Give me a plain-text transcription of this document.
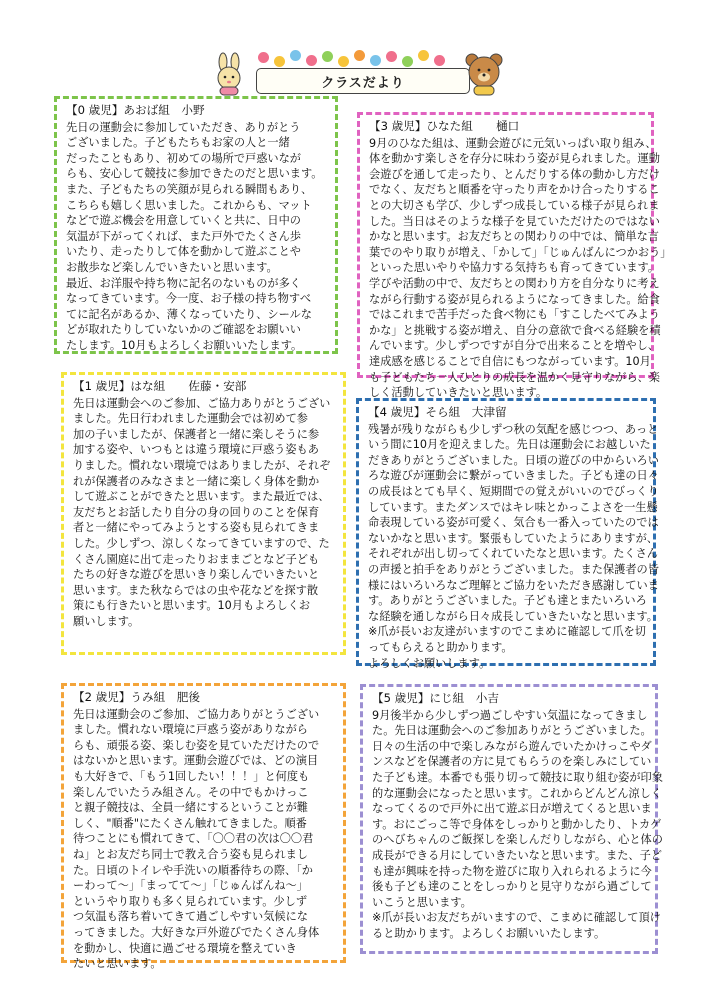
クラスだより
【0 歳児】あおば組　小野
先日の運動会に参加していただき、ありがとう
ございました。子どもたちもお家の人と一緒
だったこともあり、初めての場所で戸惑いなが
らも、安心して競技に参加できたのだと思います。
また、子どもたちの笑顔が見られる瞬間もあり、
こちらも嬉しく思いました。これからも、マット
などで遊ぶ機会を用意していくと共に、日中の
気温が下がってくれば、また戸外でたくさん歩
いたり、走ったりして体を動かして遊ぶことや
お散歩など楽しんでいきたいと思います。
最近、お洋服や持ち物に記名のないものが多く
なってきています。今一度、お子様の持ち物すべ
てに記名があるか、薄くなっていたり、シールな
どが取れたりしていないかのご確認をお願いい
たします。10月もよろしくお願いいたします。
【3 歳児】ひなた組　　樋口
9月のひなた組は、運動会遊びに元気いっぱい取り組み、
体を動かす楽しさを存分に味わう姿が見られました。運動
会遊びを通して走ったり、とんだりする体の動かし方だけ
でなく、友だちと順番を守ったり声をかけ合ったりするこ
との大切さも学び、少しずつ成長している様子が見られま
した。当日はそのような様子を見ていただけたのではない
かなと思います。お友だちとの関わりの中では、簡単な言
葉でのやり取りが増え、「かして」「じゅんばんにつかおう」
といった思いやりや協力する気持ちも育ってきています。
学びや活動の中で、友だちとの関わり方を自分なりに考え
ながら行動する姿が見られるようになってきました。給食
ではこれまで苦手だった食べ物にも「すこしたべてみよう
かな」と挑戦する姿が増え、自分の意欲で食べる経験を積
んでいます。少しずつですが自分で出来ることを増やし、
達成感を感じることで自信にもつながっています。10月
も子どもたち一人ひとりの成長を温かく見守りながら、楽
しく活動していきたいと思います。
【1 歳児】はな組　　佐藤・安部
先日は運動会へのご参加、ご協力ありがとうござい
ました。先日行われました運動会では初めて参
加の子いましたが、保護者と一緒に楽しそうに参
加する姿や、いつもとは違う環境に戸惑う姿もあ
りました。慣れない環境ではありましたが、それぞ
れが保護者のみなさまと一緒に楽しく身体を動か
して遊ぶことができたと思います。また最近では、
友だちとお話したり自分の身の回りのことを保育
者と一緒にやってみようとする姿も見られてきま
した。少しずつ、涼しくなってきていますので、た
くさん園庭に出て走ったりおままごとなど子ども
たちの好きな遊びを思いきり楽しんでいきたいと
思います。また秋ならではの虫や花などを探す散
策にも行きたいと思います。10月もよろしくお
願いします。
【4 歳児】そら組　大津留
残暑が残りながらも少しずつ秋の気配を感じつつ、あっと
いう間に10月を迎えました。先日は運動会にお越しいた
だきありがとうございました。日頃の遊びの中からいろい
ろな遊びが運動会に繋がっていきました。子ども達の日々
の成長はとても早く、短期間での覚えがいいのでびっくり
しています。またダンスではキレ味とかっこよさを一生懸
命表現している姿が可愛く、気合も一番入っていたのでは
ないかなと思います。緊張もしていたようにありますが、
それぞれが出し切ってくれていたなと思います。たくさん
の声援と拍手をありがとうございました。また保護者の皆
様にはいろいろなご理解とご協力をいただき感謝していま
す。ありがとうございました。子ども達とまたいろいろ
な経験を通しながら日々成長していきたいなと思います。
※爪が長いお友達がいますのでこまめに確認して爪を切
ってもらえると助かります。
よろしくお願いします。
【2 歳児】うみ組　肥後
先日は運動会のご参加、ご協力ありがとうござい
ました。慣れない環境に戸惑う姿がありながら
らも、頑張る姿、楽しむ姿を見ていただけたので
はないかと思います。運動会遊びでは、どの演目
も大好きで、「もう1回したい！！！」と何度も
楽しんでいたうみ組さん。その中でもかけっこ
と親子競技は、全員一緒にするということが難
しく、"順番"にたくさん触れてきました。順番
待つことにも慣れてきて、「〇〇君の次は〇〇君
ね」とお友だち同士で教え合う姿も見られまし
た。日頃のトイレや手洗いの順番待ちの際、「か
ーわって〜」「まってて〜」「じゅんばんね〜」
というやり取りも多く見られています。少しず
つ気温も落ち着いてきて過ごしやすい気候にな
ってきました。大好きな戸外遊びでたくさん身体
を動かし、快適に過ごせる環境を整えていき
たいと思います。
【5 歳児】にじ組　小吉
9月後半から少しずつ過ごしやすい気温になってきまし
た。先日は運動会へのご参加ありがとうございました。
日々の生活の中で楽しみながら遊んでいたかけっこやダ
ンスなどを保護者の方に見てもらうのを楽しみにしてい
た子ども達。本番でも張り切って競技に取り組む姿が印象
的な運動会になったと思います。これからどんどん涼しく
なってくるので戸外に出て遊ぶ日が増えてくると思いま
す。おにごっこ等で身体をしっかりと動かしたり、トカゲ
のへびちゃんのご飯探しを楽しんだりしながら、心と体の
成長ができる月にしていきたいなと思います。また、子ど
も達が興味を持った物を遊びに取り入れられるように今
後も子ども達のことをしっかりと見守りながら過ごして
いこうと思います。
※爪が長いお友だちがいますので、こまめに確認して頂け
ると助かります。よろしくお願いいたします。
